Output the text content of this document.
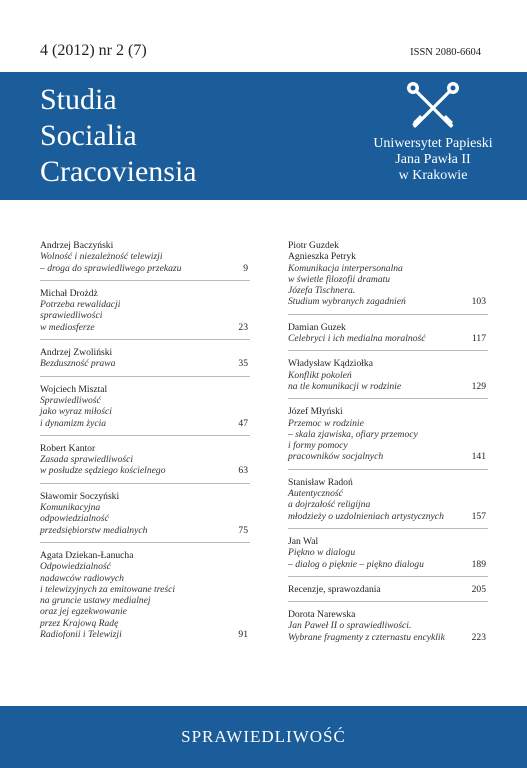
4 (2012) nr 2 (7)	ISSN 2080-6604
Studia
Socialia
Cracoviensia
Uniwersytet Papieski
Jana Pawła II
w Krakowie
Andrzej Baczyński
Wolność i niezależność telewizji
– droga do sprawiedliwego przekazu	9
Michał Drożdż
Potrzeba rewalidacji
sprawiedliwości
w mediosferze	23
Andrzej Zwoliński
Bezduszność prawa	35
Wojciech Misztal
Sprawiedliwość
jako wyraz miłości
i dynamizm życia	47
Robert Kantor
Zasada sprawiedliwości
w posłudze sędziego kościelnego	63
Sławomir Soczyński
Komunikacyjna
odpowiedzialność
przedsiębiorstw medialnych	75
Agata Dziekan-Łanucha
Odpowiedzialność
nadawców radiowych
i telewizyjnych za emitowane treści
na gruncie ustawy medialnej
oraz jej egzekwowanie
przez Krajową Radę
Radiofonii i Telewizji	91
Piotr Guzdek
Agnieszka Petryk
Komunikacja interpersonalna
w świetle filozofii dramatu
Józefa Tischnera.
Studium wybranych zagadnień	103
Damian Guzek
Celebryci i ich medialna moralność	117
Władysław Kądziołka
Konflikt pokoleń
na tle komunikacji w rodzinie	129
Józef Młyński
Przemoc w rodzinie
– skala zjawiska, ofiary przemocy
i formy pomocy
pracowników socjalnych	141
Stanisław Radoń
Autentyczność
a dojrzałość religijna
młodzieży o uzdolnieniach artystycznych	157
Jan Wal
Piękno w dialogu
– dialog o pięknie – piękno dialogu	189
Recenzje, sprawozdania	205
Dorota Narewska
Jan Paweł II o sprawiedliwości.
Wybrane fragmenty z czternastu encyklik	223
SPRAWIEDLIWOŚĆ
